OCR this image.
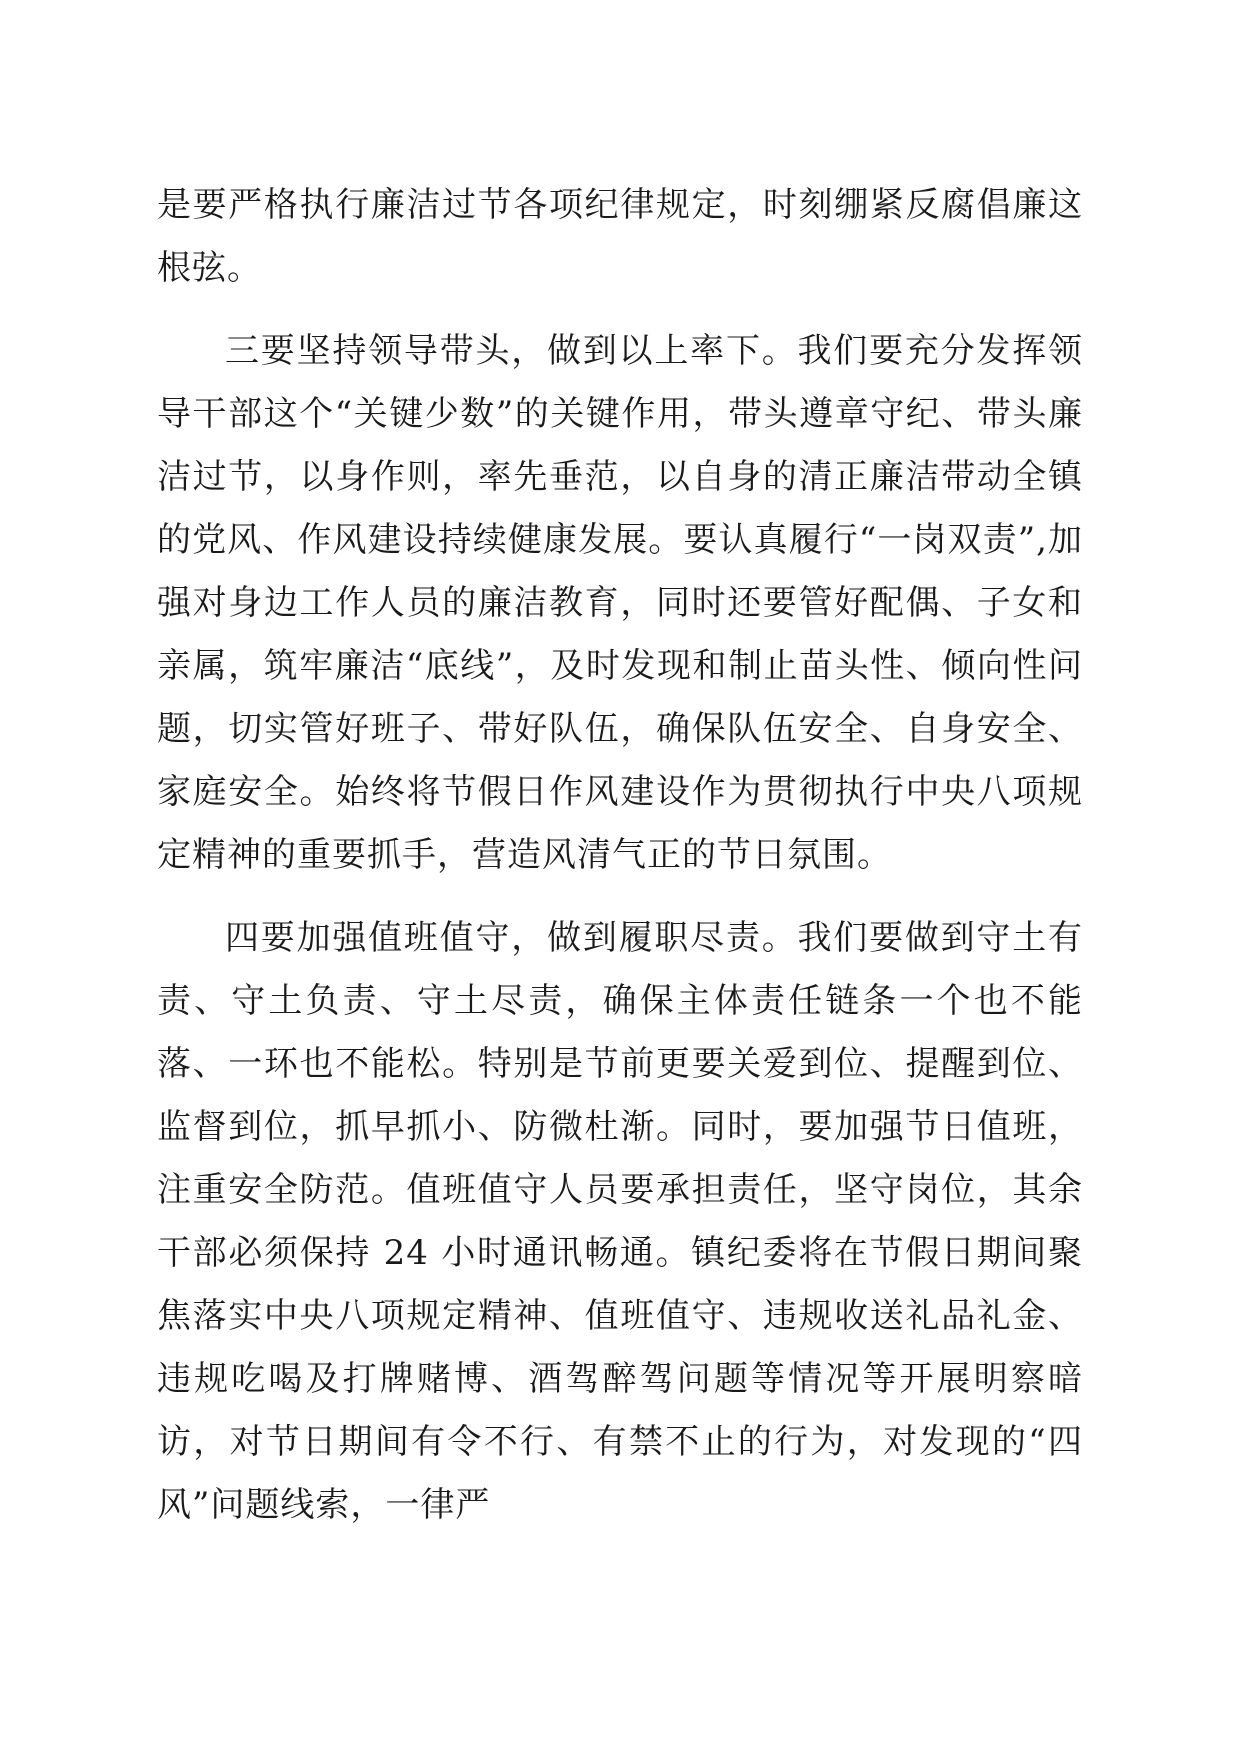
是要严格执行廉洁过节各项纪律规定，时刻绷紧反腐倡廉这根弦。

三要坚持领导带头，做到以上率下。我们要充分发挥领导干部这个“关键少数”的关键作用，带头遵章守纪、带头廉洁过节，以身作则，率先垂范，以自身的清正廉洁带动全镇的党风、作风建设持续健康发展。要认真履行“一岗双责”,加强对身边工作人员的廉洁教育，同时还要管好配偶、子女和亲属，筑牢廉洁“底线”，及时发现和制止苗头性、倾向性问题，切实管好班子、带好队伍，确保队伍安全、自身安全、家庭安全。始终将节假日作风建设作为贯彻执行中央八项规定精神的重要抓手，营造风清气正的节日氛围。

四要加强值班值守，做到履职尽责。我们要做到守土有责、守土负责、守土尽责，确保主体责任链条一个也不能落、一环也不能松。特别是节前更要关爱到位、提醒到位、监督到位，抓早抓小、防微杜渐。同时，要加强节日值班，注重安全防范。值班值守人员要承担责任，坚守岗位，其余干部必须保持 24 小时通讯畅通。镇纪委将在节假日期间聚焦落实中央八项规定精神、值班值守、违规收送礼品礼金、违规吃喝及打牌赌博、酒驾醉驾问题等情况等开展明察暗访，对节日期间有令不行、有禁不止的行为，对发现的“四风”问题线索，一律严
